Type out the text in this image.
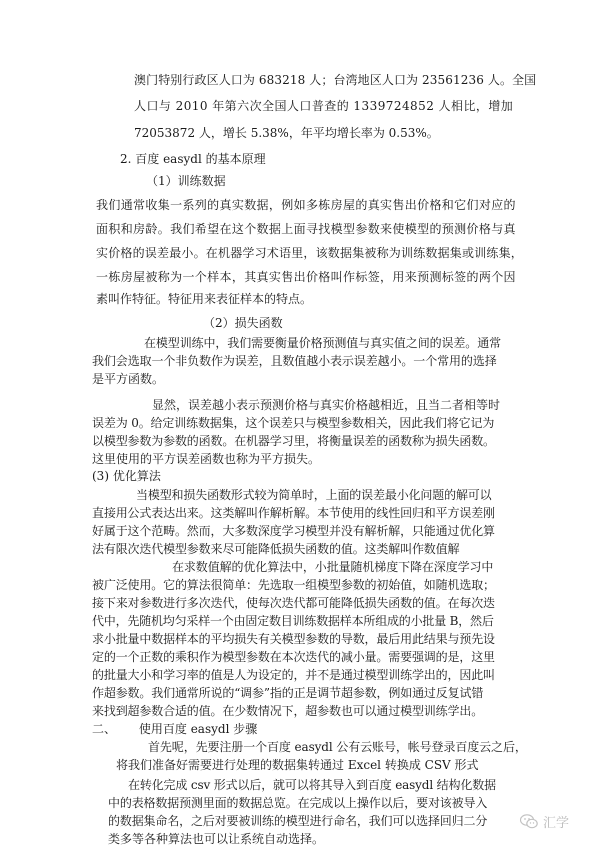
澳门特别行政区人口为 683218 人；台湾地区人口为 23561236 人。全国
人口与 2010 年第六次全国人口普查的 1339724852 人相比，增加
72053872 人，增长 5.38%，年平均增长率为 0.53%。
2. 百度 easydl 的基本原理
（1）训练数据
我们通常收集一系列的真实数据，例如多栋房屋的真实售出价格和它们对应的
面积和房龄。我们希望在这个数据上面寻找模型参数来使模型的预测价格与真
实价格的误差最小。在机器学习术语里，该数据集被称为训练数据集或训练集，
一栋房屋被称为一个样本，其真实售出价格叫作标签，用来预测标签的两个因
素叫作特征。特征用来表征样本的特点。
（2）损失函数
在模型训练中，我们需要衡量价格预测值与真实值之间的误差。通常
我们会选取一个非负数作为误差，且数值越小表示误差越小。一个常用的选择
是平方函数。
显然，误差越小表示预测价格与真实价格越相近，且当二者相等时
误差为 0。给定训练数据集，这个误差只与模型参数相关，因此我们将它记为
以模型参数为参数的函数。在机器学习里，将衡量误差的函数称为损失函数。
这里使用的平方误差函数也称为平方损失。
(3) 优化算法
当模型和损失函数形式较为简单时，上面的误差最小化问题的解可以
直接用公式表达出来。这类解叫作解析解。本节使用的线性回归和平方误差刚
好属于这个范畴。然而，大多数深度学习模型并没有解析解，只能通过优化算
法有限次迭代模型参数来尽可能降低损失函数的值。这类解叫作数值解
在求数值解的优化算法中，小批量随机梯度下降在深度学习中
被广泛使用。它的算法很简单：先选取一组模型参数的初始值，如随机选取；
接下来对参数进行多次迭代，使每次迭代都可能降低损失函数的值。在每次迭
代中，先随机均匀采样一个由固定数目训练数据样本所组成的小批量 B，然后
求小批量中数据样本的平均损失有关模型参数的导数，最后用此结果与预先设
定的一个正数的乘积作为模型参数在本次迭代的减小量。需要强调的是，这里
的批量大小和学习率的值是人为设定的，并不是通过模型训练学出的，因此叫
作超参数。我们通常所说的“调参”指的正是调节超参数，例如通过反复试错
来找到超参数合适的值。在少数情况下，超参数也可以通过模型训练学出。
二、      使用百度 easydl 步骤
首先呢，先要注册一个百度 easydl 公有云账号，帐号登录百度云之后，
将我们准备好需要进行处理的数据集转通过 Excel 转换成 CSV 形式
在转化完成 csv 形式以后，就可以将其导入到百度 easydl 结构化数据
中的表格数据预测里面的数据总览。在完成以上操作以后，要对该被导入
的数据集命名，之后对要被训练的模型进行命名，我们可以选择回归二分
类多等各种算法也可以让系统自动选择。
汇学
